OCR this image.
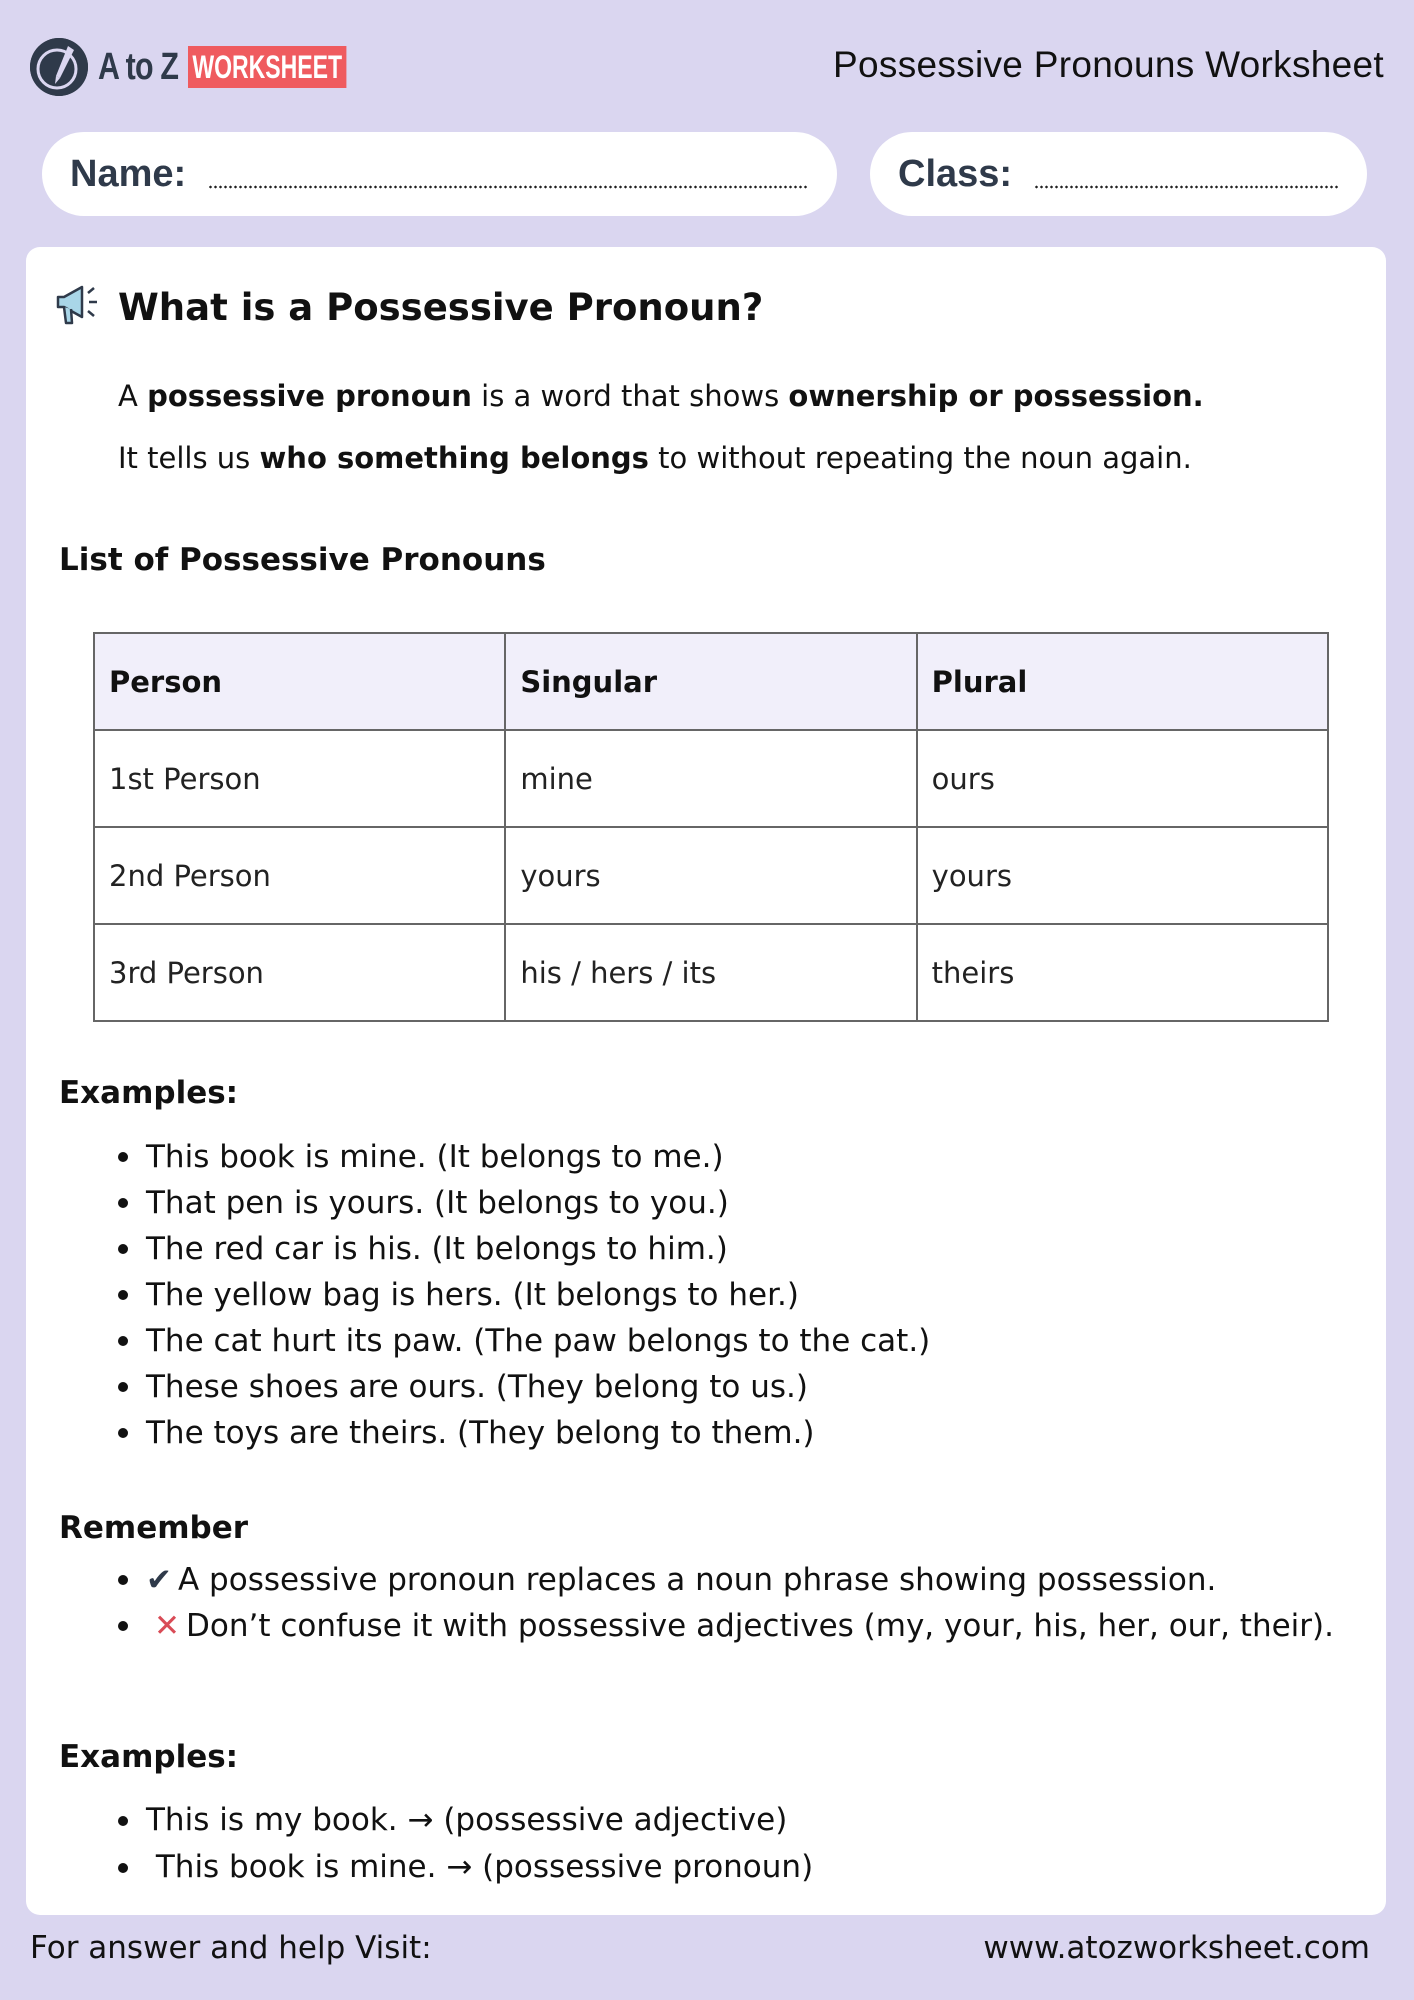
A to Z WORKSHEET	Possessive Pronouns Worksheet
Name:	Class:
What is a Possessive Pronoun?
A possessive pronoun is a word that shows ownership or possession.
It tells us who something belongs to without repeating the noun again.
List of Possessive Pronouns
Person	Singular	Plural
1st Person	mine	ours
2nd Person	yours	yours
3rd Person	his / hers / its	theirs
Examples:
This book is mine. (It belongs to me.)
That pen is yours. (It belongs to you.)
The red car is his. (It belongs to him.)
The yellow bag is hers. (It belongs to her.)
The cat hurt its paw. (The paw belongs to the cat.)
These shoes are ours. (They belong to us.)
The toys are theirs. (They belong to them.)
Remember
✔ A possessive pronoun replaces a noun phrase showing possession.
✕ Don’t confuse it with possessive adjectives (my, your, his, her, our, their).
Examples:
This is my book. → (possessive adjective)
This book is mine. → (possessive pronoun)
For answer and help Visit:	www.atozworksheet.com
